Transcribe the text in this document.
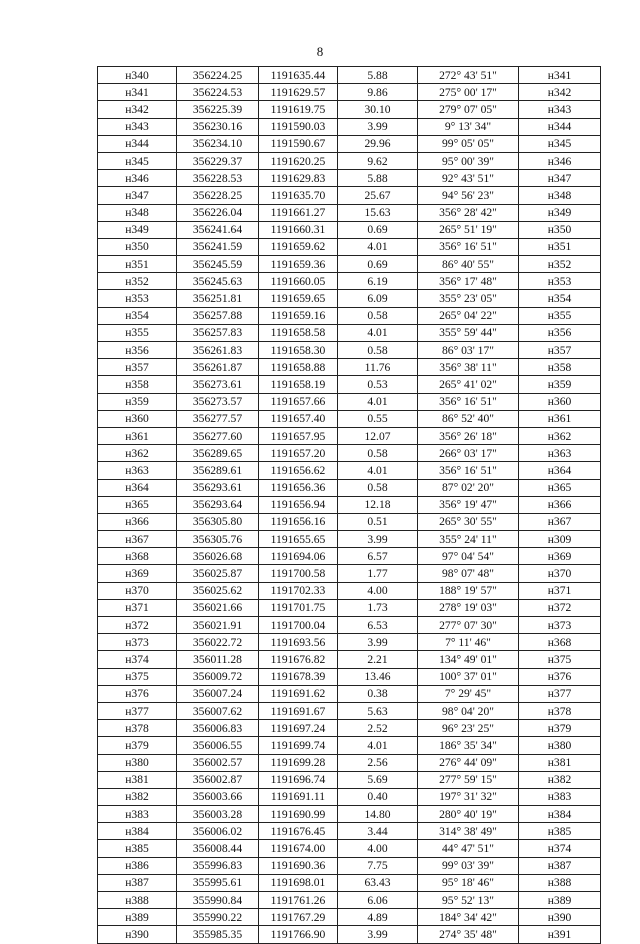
8
н340	356224.25	1191635.44	5.88	272° 43' 51"	н341
н341	356224.53	1191629.57	9.86	275° 00' 17"	н342
н342	356225.39	1191619.75	30.10	279° 07' 05"	н343
н343	356230.16	1191590.03	3.99	9° 13' 34"	н344
н344	356234.10	1191590.67	29.96	99° 05' 05"	н345
н345	356229.37	1191620.25	9.62	95° 00' 39"	н346
н346	356228.53	1191629.83	5.88	92° 43' 51"	н347
н347	356228.25	1191635.70	25.67	94° 56' 23"	н348
н348	356226.04	1191661.27	15.63	356° 28' 42"	н349
н349	356241.64	1191660.31	0.69	265° 51' 19"	н350
н350	356241.59	1191659.62	4.01	356° 16' 51"	н351
н351	356245.59	1191659.36	0.69	86° 40' 55"	н352
н352	356245.63	1191660.05	6.19	356° 17' 48"	н353
н353	356251.81	1191659.65	6.09	355° 23' 05"	н354
н354	356257.88	1191659.16	0.58	265° 04' 22"	н355
н355	356257.83	1191658.58	4.01	355° 59' 44"	н356
н356	356261.83	1191658.30	0.58	86° 03' 17"	н357
н357	356261.87	1191658.88	11.76	356° 38' 11"	н358
н358	356273.61	1191658.19	0.53	265° 41' 02"	н359
н359	356273.57	1191657.66	4.01	356° 16' 51"	н360
н360	356277.57	1191657.40	0.55	86° 52' 40"	н361
н361	356277.60	1191657.95	12.07	356° 26' 18"	н362
н362	356289.65	1191657.20	0.58	266° 03' 17"	н363
н363	356289.61	1191656.62	4.01	356° 16' 51"	н364
н364	356293.61	1191656.36	0.58	87° 02' 20"	н365
н365	356293.64	1191656.94	12.18	356° 19' 47"	н366
н366	356305.80	1191656.16	0.51	265° 30' 55"	н367
н367	356305.76	1191655.65	3.99	355° 24' 11"	н309
н368	356026.68	1191694.06	6.57	97° 04' 54"	н369
н369	356025.87	1191700.58	1.77	98° 07' 48"	н370
н370	356025.62	1191702.33	4.00	188° 19' 57"	н371
н371	356021.66	1191701.75	1.73	278° 19' 03"	н372
н372	356021.91	1191700.04	6.53	277° 07' 30"	н373
н373	356022.72	1191693.56	3.99	7° 11' 46"	н368
н374	356011.28	1191676.82	2.21	134° 49' 01"	н375
н375	356009.72	1191678.39	13.46	100° 37' 01"	н376
н376	356007.24	1191691.62	0.38	7° 29' 45"	н377
н377	356007.62	1191691.67	5.63	98° 04' 20"	н378
н378	356006.83	1191697.24	2.52	96° 23' 25"	н379
н379	356006.55	1191699.74	4.01	186° 35' 34"	н380
н380	356002.57	1191699.28	2.56	276° 44' 09"	н381
н381	356002.87	1191696.74	5.69	277° 59' 15"	н382
н382	356003.66	1191691.11	0.40	197° 31' 32"	н383
н383	356003.28	1191690.99	14.80	280° 40' 19"	н384
н384	356006.02	1191676.45	3.44	314° 38' 49"	н385
н385	356008.44	1191674.00	4.00	44° 47' 51"	н374
н386	355996.83	1191690.36	7.75	99° 03' 39"	н387
н387	355995.61	1191698.01	63.43	95° 18' 46"	н388
н388	355990.84	1191761.26	6.06	95° 52' 13"	н389
н389	355990.22	1191767.29	4.89	184° 34' 42"	н390
н390	355985.35	1191766.90	3.99	274° 35' 48"	н391
